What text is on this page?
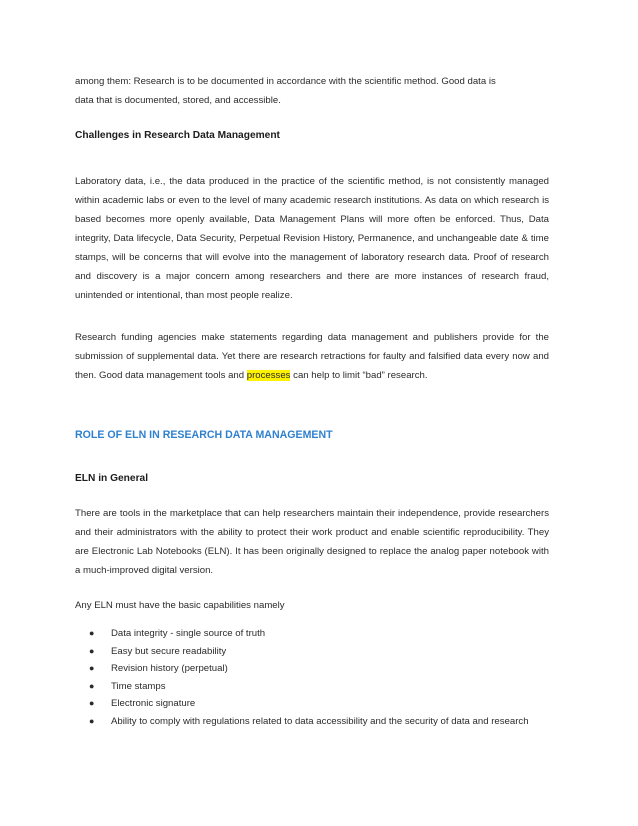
among them: Research is to be documented in accordance with the scientific method. Good data is

data that is documented, stored, and accessible.

Challenges in Research Data Management

Laboratory data, i.e., the data produced in the practice of the scientific method, is not consistently managed within academic labs or even to the level of many academic research institutions. As data on which research is based becomes more openly available, Data Management Plans will more often be enforced. Thus, Data integrity, Data lifecycle, Data Security, Perpetual Revision History, Permanence, and unchangeable date & time stamps, will be concerns that will evolve into the management of laboratory research data. Proof of research and discovery is a major concern among researchers and there are more instances of research fraud, unintended or intentional, than most people realize.

Research funding agencies make statements regarding data management and publishers provide for the submission of supplemental data. Yet there are research retractions for faulty and falsified data every now and then. Good data management tools and processes can help to limit “bad” research.

ROLE OF ELN IN RESEARCH DATA MANAGEMENT
ELN in General

There are tools in the marketplace that can help researchers maintain their independence, provide researchers and their administrators with the ability to protect their work product and enable scientific reproducibility. They are Electronic Lab Notebooks (ELN). It has been originally designed to replace the analog paper notebook with a much-improved digital version.

Any ELN must have the basic capabilities namely

● Data integrity - single source of truth
● Easy but secure readability
● Revision history (perpetual)
● Time stamps
● Electronic signature
● Ability to comply with regulations related to data accessibility and the security of data and research
